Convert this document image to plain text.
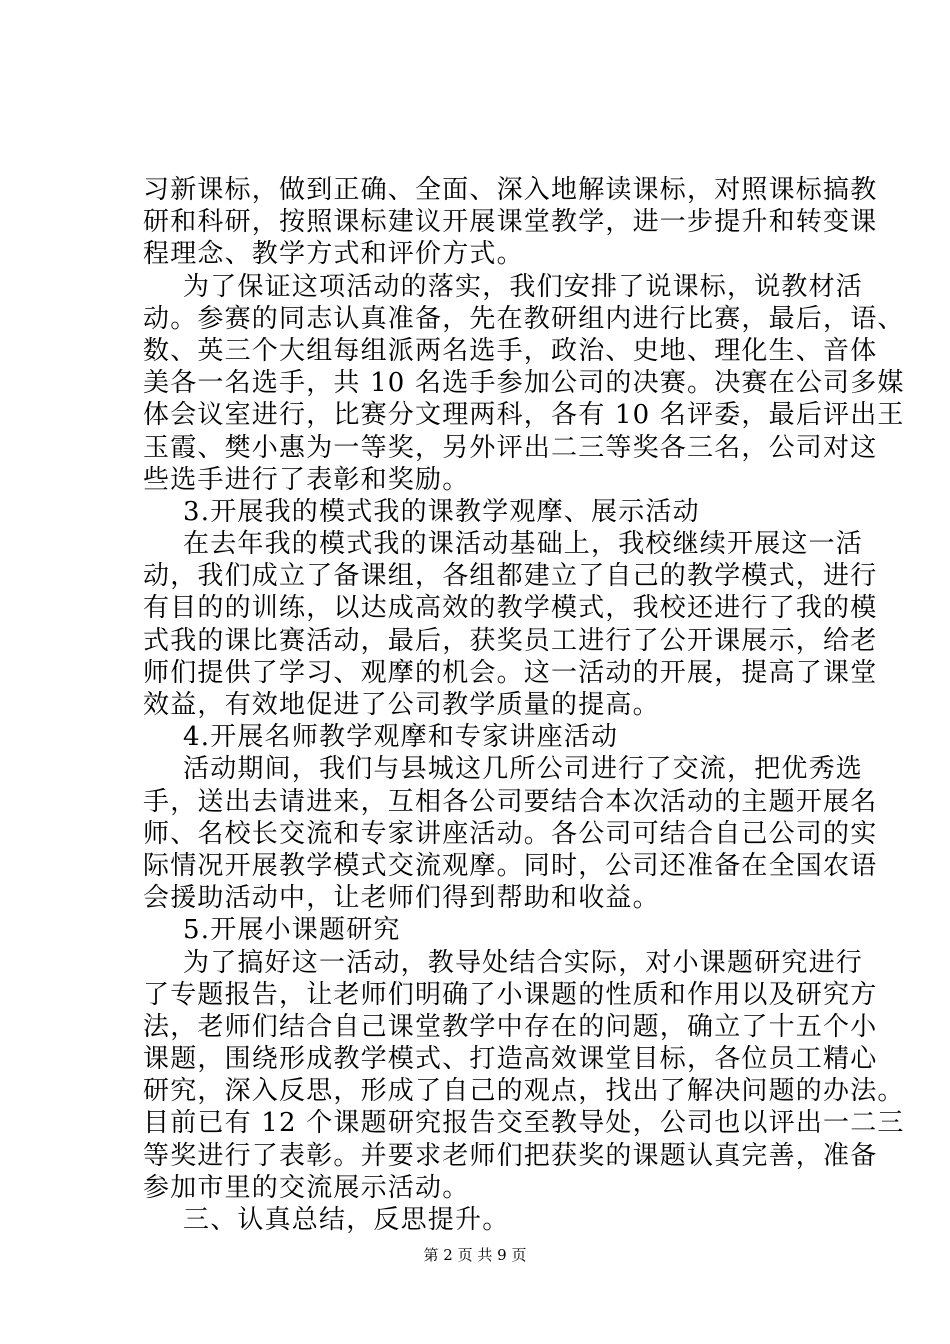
习新课标，做到正确、全面、深入地解读课标，对照课标搞教
研和科研，按照课标建议开展课堂教学，进一步提升和转变课
程理念、教学方式和评价方式。
为了保证这项活动的落实，我们安排了说课标，说教材活
动。参赛的同志认真准备，先在教研组内进行比赛，最后，语、
数、英三个大组每组派两名选手，政治、史地、理化生、音体
美各一名选手，共 10 名选手参加公司的决赛。决赛在公司多媒
体会议室进行，比赛分文理两科，各有 10 名评委，最后评出王
玉霞、樊小惠为一等奖，另外评出二三等奖各三名，公司对这
些选手进行了表彰和奖励。
3.开展我的模式我的课教学观摩、展示活动
在去年我的模式我的课活动基础上，我校继续开展这一活
动，我们成立了备课组，各组都建立了自己的教学模式，进行
有目的的训练，以达成高效的教学模式，我校还进行了我的模
式我的课比赛活动，最后，获奖员工进行了公开课展示，给老
师们提供了学习、观摩的机会。这一活动的开展，提高了课堂
效益，有效地促进了公司教学质量的提高。
4.开展名师教学观摩和专家讲座活动
活动期间，我们与县城这几所公司进行了交流，把优秀选
手，送出去请进来，互相各公司要结合本次活动的主题开展名
师、名校长交流和专家讲座活动。各公司可结合自己公司的实
际情况开展教学模式交流观摩。同时，公司还准备在全国农语
会援助活动中，让老师们得到帮助和收益。
5.开展小课题研究
为了搞好这一活动，教导处结合实际，对小课题研究进行
了专题报告，让老师们明确了小课题的性质和作用以及研究方
法，老师们结合自己课堂教学中存在的问题，确立了十五个小
课题，围绕形成教学模式、打造高效课堂目标，各位员工精心
研究，深入反思，形成了自己的观点，找出了解决问题的办法。
目前已有 12 个课题研究报告交至教导处，公司也以评出一二三
等奖进行了表彰。并要求老师们把获奖的课题认真完善，准备
参加市里的交流展示活动。
三、认真总结，反思提升。
第 2 页 共 9 页
